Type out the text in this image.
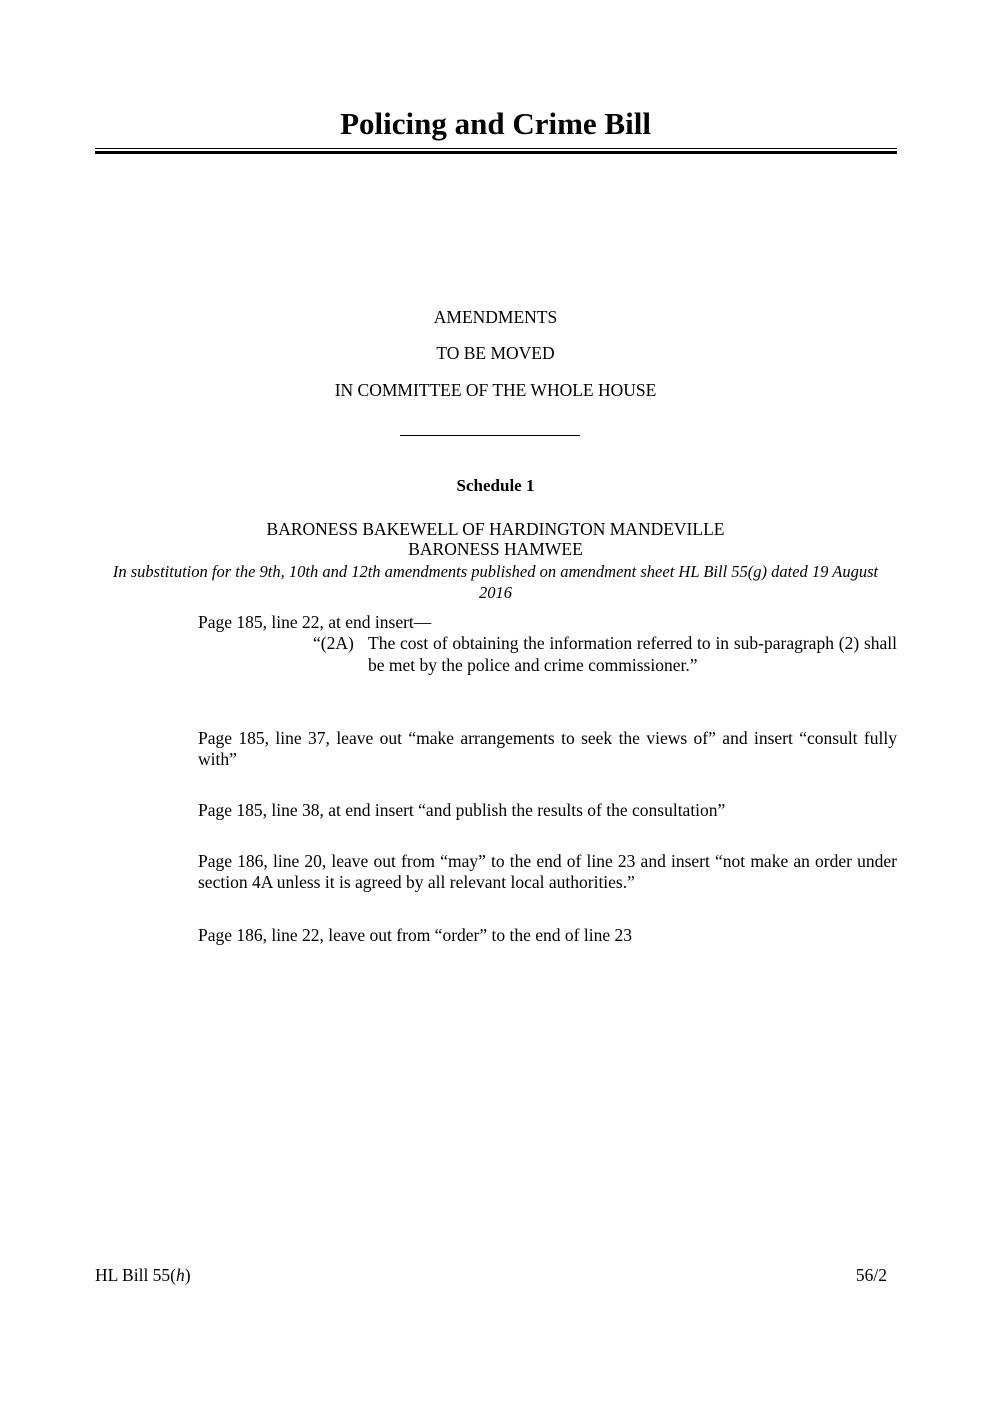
Policing and Crime Bill
AMENDMENTS
TO BE MOVED
IN COMMITTEE OF THE WHOLE HOUSE
Schedule 1
BARONESS BAKEWELL OF HARDINGTON MANDEVILLE
BARONESS HAMWEE
In substitution for the 9th, 10th and 12th amendments published on amendment sheet HL Bill 55(g) dated 19 August 2016
Page 185, line 22, at end insert—
“(2A) The cost of obtaining the information referred to in sub-paragraph (2) shall be met by the police and crime commissioner.”
Page 185, line 37, leave out “make arrangements to seek the views of” and insert “consult fully with”
Page 185, line 38, at end insert “and publish the results of the consultation”
Page 186, line 20, leave out from “may” to the end of line 23 and insert “not make an order under section 4A unless it is agreed by all relevant local authorities.”
Page 186, line 22, leave out from “order” to the end of line 23
HL Bill 55(h)	56/2
